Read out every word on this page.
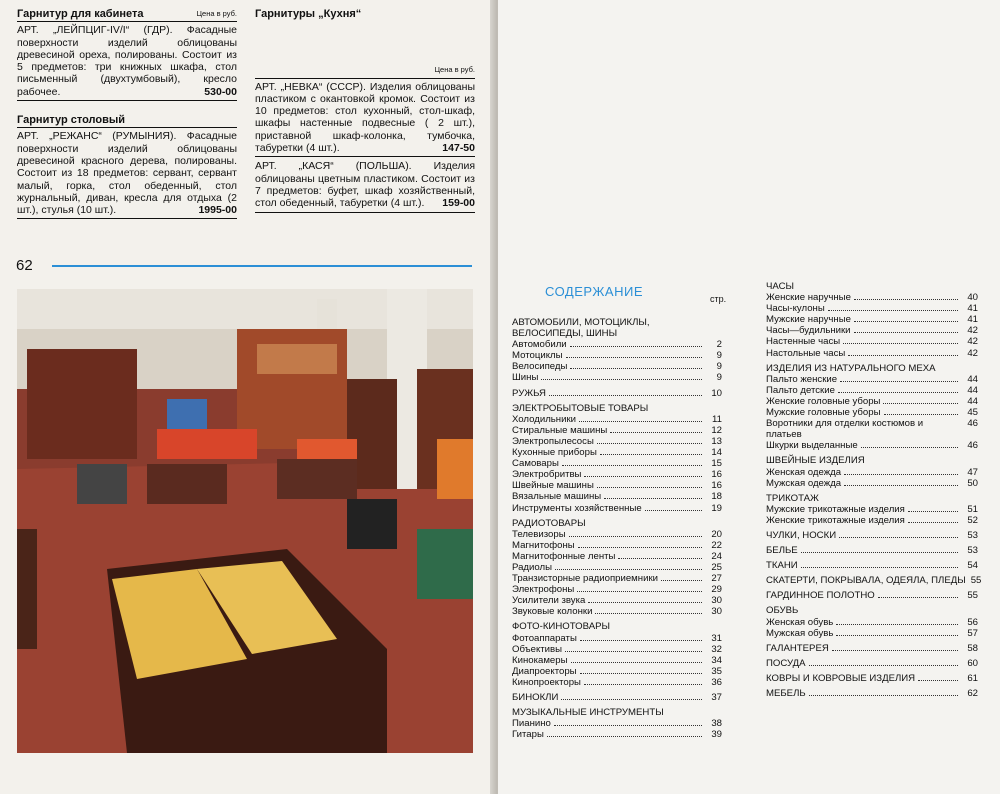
Гарнитур для кабинета	Цена в руб.
АРТ. „ЛЕЙПЦИГ-IV/I“ (ГДР). Фасадные поверхности изделий облицованы древесиной ореха, полированы. Состоит из 5 предметов: три книжных шкафа, стол письменный (двухтумбовый), кресло рабочее.	530-00
Гарнитур столовый
АРТ. „РЕЖАНС“ (РУМЫНИЯ). Фасадные поверхности изделий облицованы древесиной красного дерева, полированы. Состоит из 18 предметов: сервант, сервант малый, горка, стол обеденный, стол журнальный, диван, кресла для отдыха (2 шт.), стулья (10 шт.).	1995-00
Гарнитуры „Кухня“
Цена в руб.
АРТ. „НЕВКА“ (СССР). Изделия облицованы пластиком с окантовкой кромок. Состоит из 10 предметов: стол кухонный, стол-шкаф, шкафы настенные подвесные ( 2 шт.), приставной шкаф-колонка, тумбочка, табуретки (4 шт.).	147-50
АРТ. „КАСЯ“ (ПОЛЬША). Изделия облицованы цветным пластиком. Состоит из 7 предметов: буфет, шкаф хозяйственный, стол обеденный, табуретки (4 шт.). 159-00
62
СОДЕРЖАНИЕ	стр.
АВТОМОБИЛИ, МОТОЦИКЛЫ, ВЕЛОСИПЕДЫ, ШИНЫ
Автомобили	2
Мотоциклы	9
Велосипеды	9
Шины	9
РУЖЬЯ	10
ЭЛЕКТРОБЫТОВЫЕ ТОВАРЫ
Холодильники	11
Стиральные машины	12
Электропылесосы	13
Кухонные приборы	14
Самовары	15
Электробритвы	16
Швейные машины	16
Вязальные машины	18
Инструменты хозяйственные	19
РАДИОТОВАРЫ
Телевизоры	20
Магнитофоны	22
Магнитофонные ленты	24
Радиолы	25
Транзисторные радиоприемники	27
Электрофоны	29
Усилители звука	30
Звуковые колонки	30
ФОТО-КИНОТОВАРЫ
Фотоаппараты	31
Объективы	32
Кинокамеры	34
Диапроекторы	35
Кинопроекторы	36
БИНОКЛИ	37
МУЗЫКАЛЬНЫЕ ИНСТРУМЕНТЫ
Пианино	38
Гитары	39
ЧАСЫ
Женские наручные	40
Часы-кулоны	41
Мужские наручные	41
Часы—будильники	42
Настенные часы	42
Настольные часы	42
ИЗДЕЛИЯ ИЗ НАТУРАЛЬНОГО МЕХА
Пальто женские	44
Пальто детские	44
Женские головные уборы	44
Мужские головные уборы	45
Воротники для отделки костюмов и платьев
46
Шкурки выделанные	46
ШВЕЙНЫЕ ИЗДЕЛИЯ
Женская одежда	47
Мужская одежда	50
ТРИКОТАЖ
Мужские трикотажные изделия	51
Женские трикотажные изделия	52
ЧУЛКИ, НОСКИ	53
БЕЛЬЕ	53
ТКАНИ	54
СКАТЕРТИ, ПОКРЫВАЛА, ОДЕЯЛА, ПЛЕДЫ 55
ГАРДИННОЕ ПОЛОТНО	55
ОБУВЬ
Женская обувь	56
Мужская обувь	57
ГАЛАНТЕРЕЯ	58
ПОСУДА	60
КОВРЫ И КОВРОВЫЕ ИЗДЕЛИЯ	61
МЕБЕЛЬ	62
